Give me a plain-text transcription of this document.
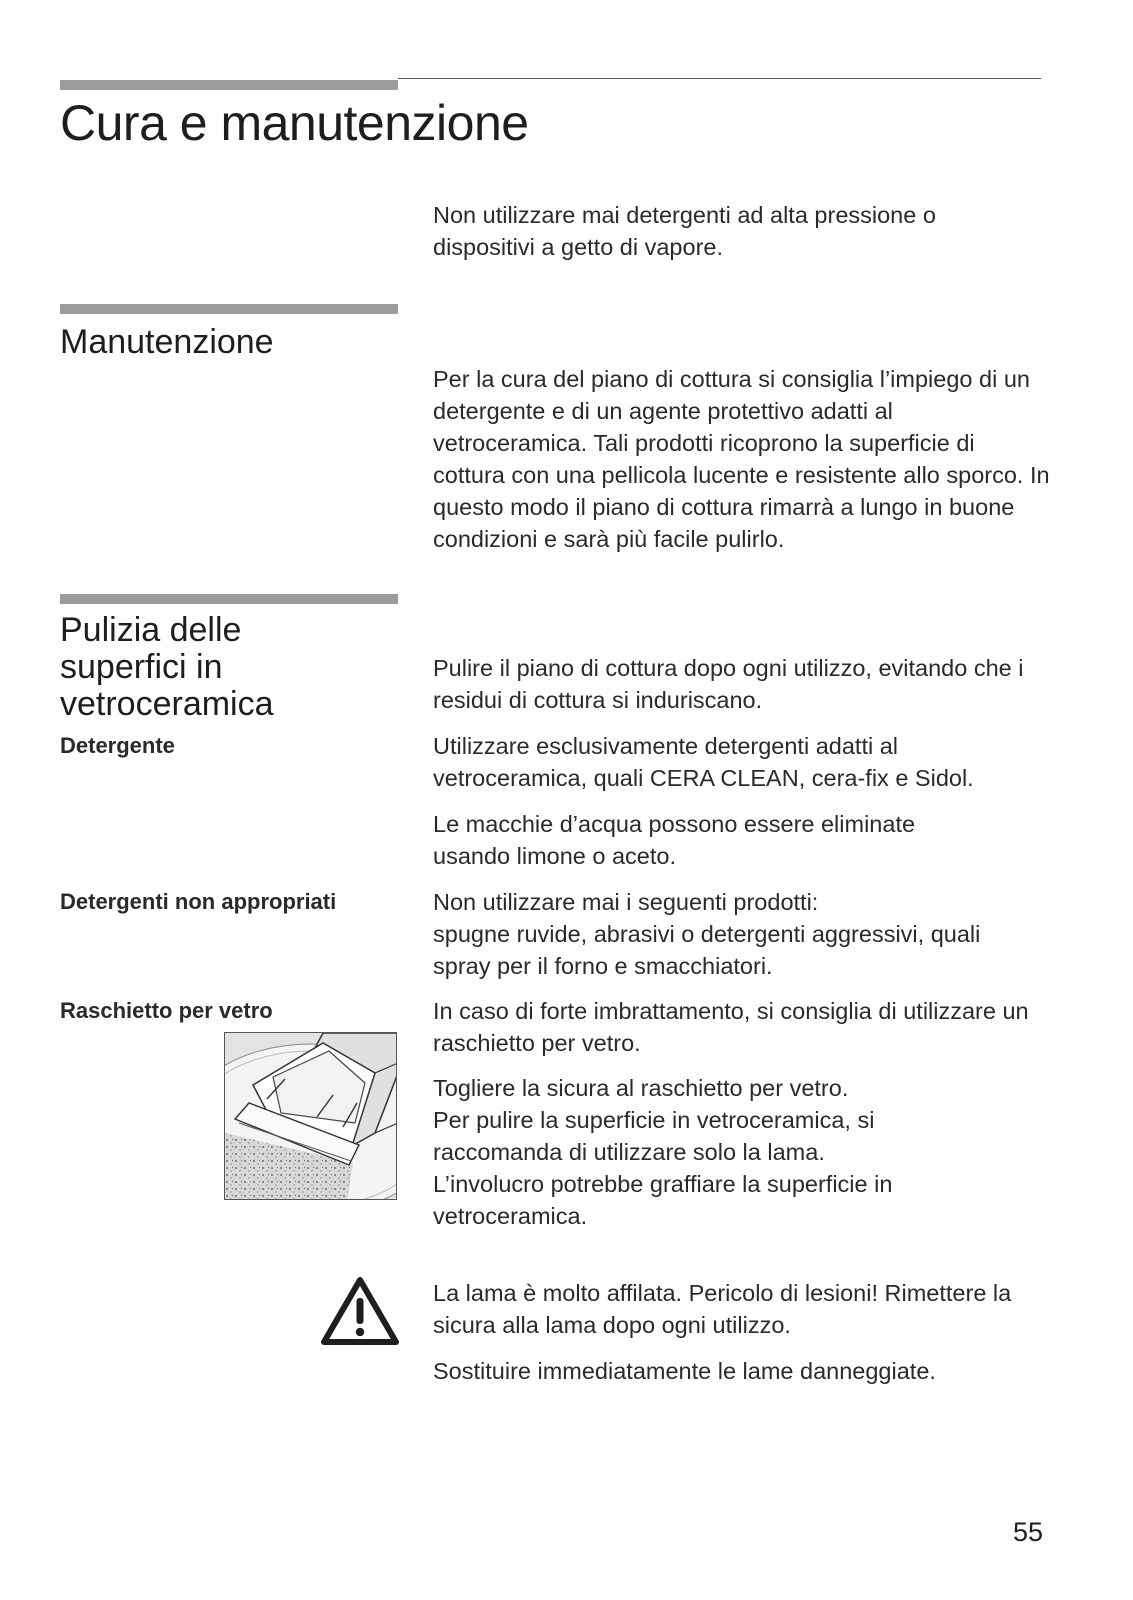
Cura e manutenzione

Non utilizzare mai detergenti ad alta pressione o dispositivi a getto di vapore.

Manutenzione

Per la cura del piano di cottura si consiglia l’impiego di un detergente e di un agente protettivo adatti al vetroceramica. Tali prodotti ricoprono la superficie di cottura con una pellicola lucente e resistente allo sporco. In questo modo il piano di cottura rimarrà a lungo in buone condizioni e sarà più facile pulirlo.

Pulizia delle
superfici in
vetroceramica

Pulire il piano di cottura dopo ogni utilizzo, evitando che i residui di cottura si induriscano.

Detergente	Utilizzare esclusivamente detergenti adatti al vetroceramica, quali CERA CLEAN, cera-fix e Sidol.

Le macchie d’acqua possono essere eliminate usando limone o aceto.

Detergenti non appropriati	Non utilizzare mai i seguenti prodotti:

spugne ruvide, abrasivi o detergenti aggressivi, quali spray per il forno e smacchiatori.

Raschietto per vetro	In caso di forte imbrattamento, si consiglia di utilizzare un raschietto per vetro.

Togliere la sicura al raschietto per vetro.

Per pulire la superficie in vetroceramica, si raccomanda di utilizzare solo la lama.

L’involucro potrebbe graffiare la superficie in vetroceramica.

La lama è molto affilata. Pericolo di lesioni! Rimettere la sicura alla lama dopo ogni utilizzo.

Sostituire immediatamente le lame danneggiate.

55
